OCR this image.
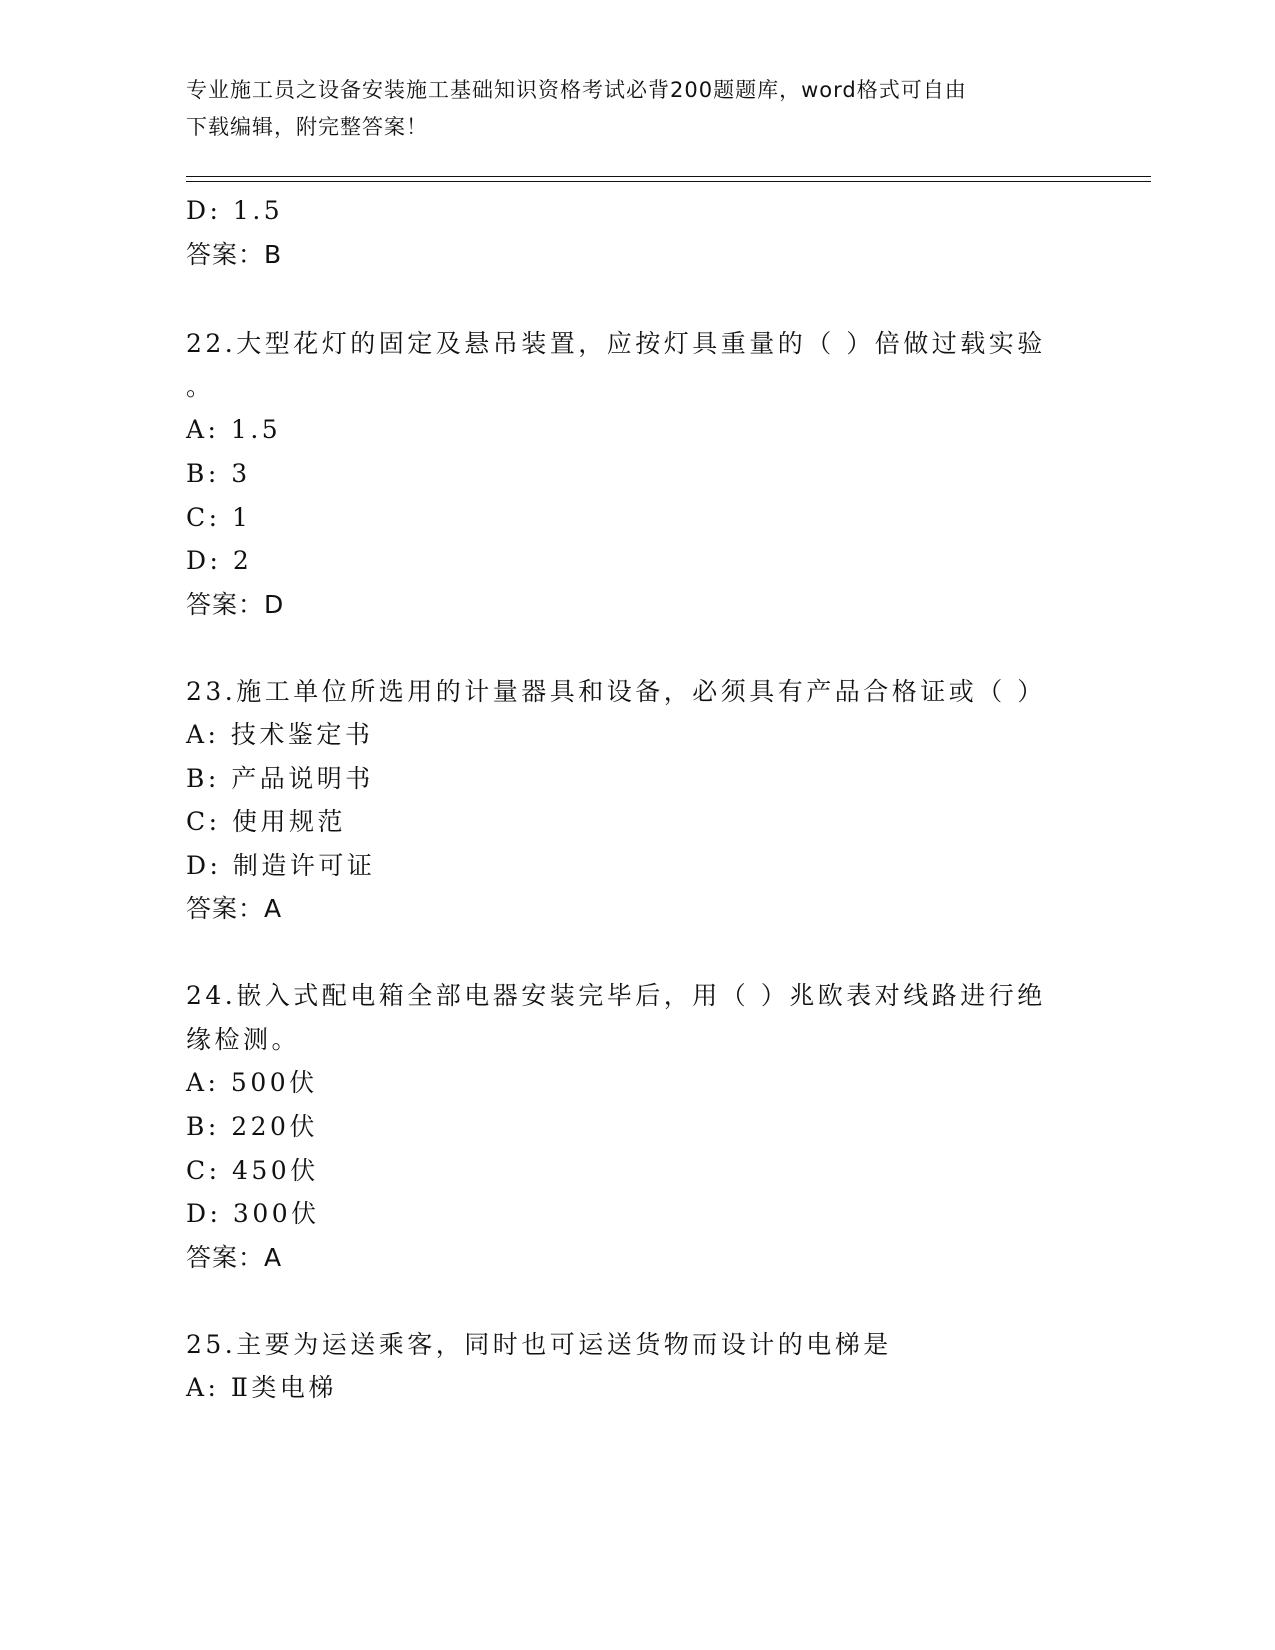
专业施工员之设备安装施工基础知识资格考试必背200题题库，word格式可自由
下载编辑，附完整答案！
D: 1.5
答案：B
22.大型花灯的固定及悬吊装置，应按灯具重量的（ ）倍做过载实验
。
A: 1.5
B: 3
C: 1
D: 2
答案：D
23.施工单位所选用的计量器具和设备，必须具有产品合格证或（ ）
A: 技术鉴定书
B: 产品说明书
C: 使用规范
D: 制造许可证
答案：A
24.嵌入式配电箱全部电器安装完毕后，用（ ）兆欧表对线路进行绝
缘检测。
A: 500伏
B: 220伏
C: 450伏
D: 300伏
答案：A
25.主要为运送乘客，同时也可运送货物而设计的电梯是
A: Ⅱ类电梯
